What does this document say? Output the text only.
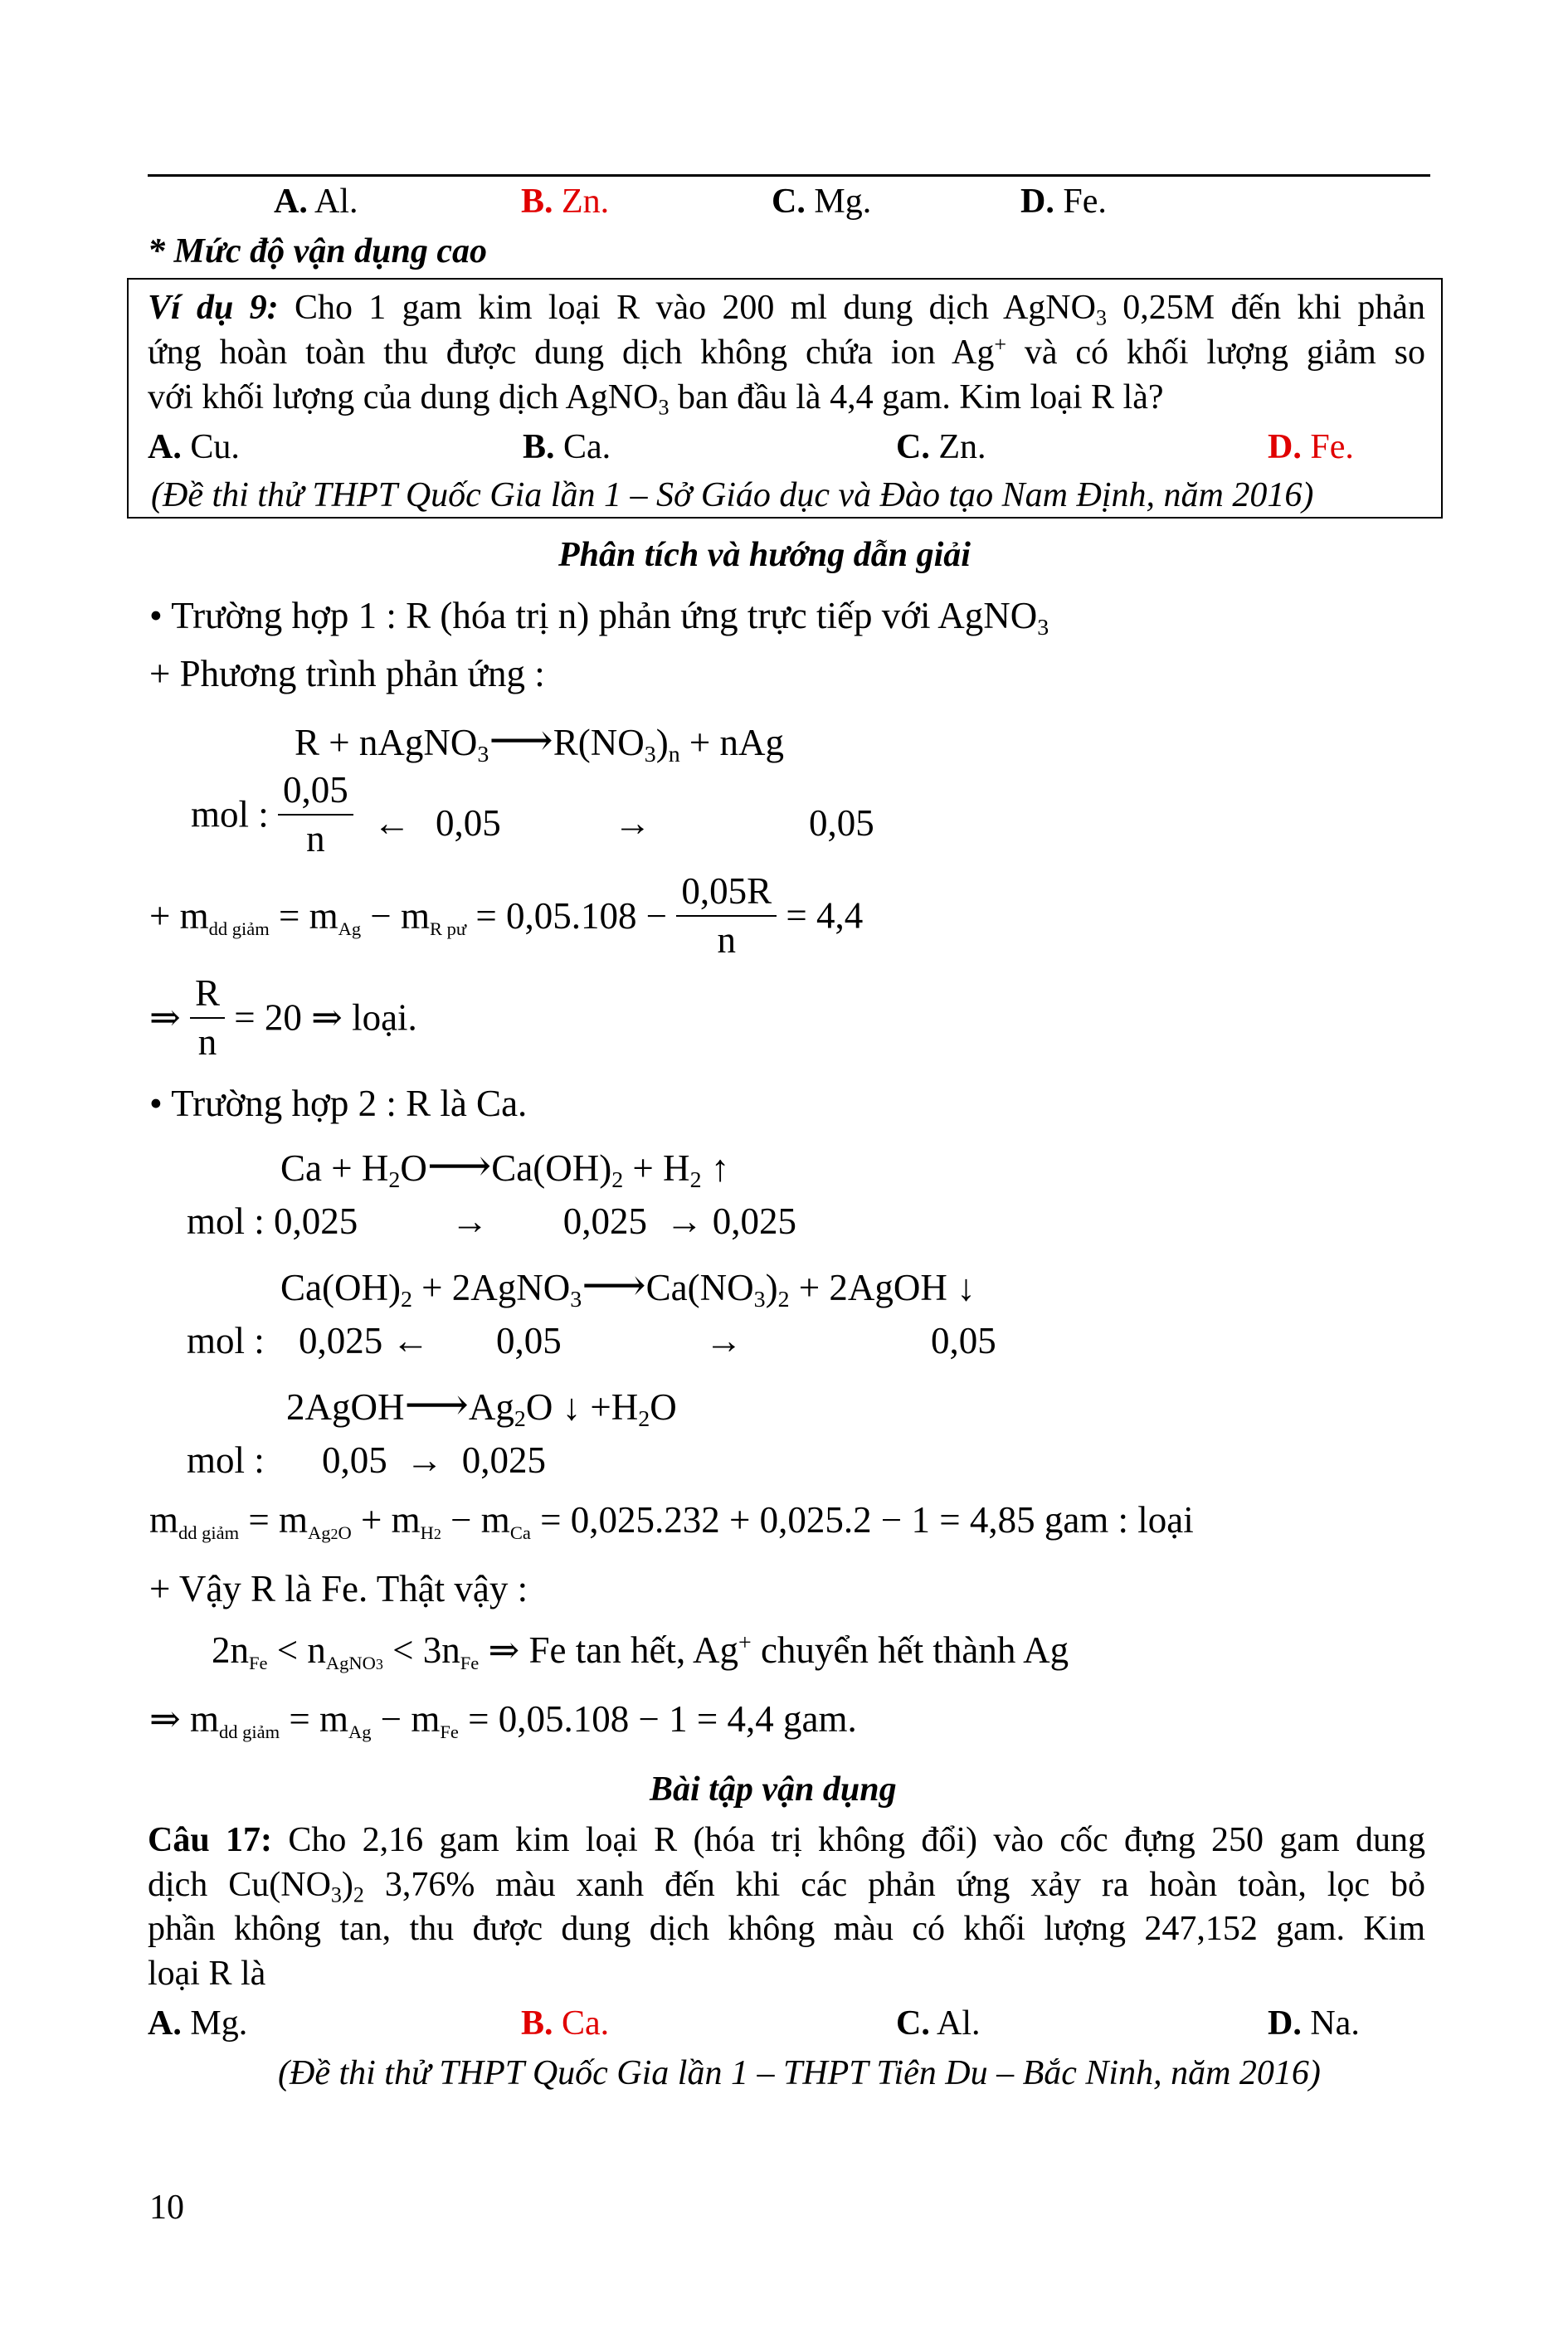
A. Al.	B. Zn.	C. Mg.	D. Fe.
* Mức độ vận dụng cao
Ví dụ 9: Cho 1 gam kim loại R vào 200 ml dung dịch AgNO$_3$ 0,25M đến khi phản
ứng hoàn toàn thu được dung dịch không chứa ion Ag+ và có khối lượng giảm so
với khối lượng của dung dịch AgNO$_3$ ban đầu là 4,4 gam. Kim loại R là?
A. Cu.	B. Ca.	C. Zn.	D. Fe.
(Đề thi thử THPT Quốc Gia lần 1 – Sở Giáo dục và Đào tạo Nam Định, năm 2016)
Phân tích và hướng dẫn giải
• Trường hợp 1 : R (hóa trị n) phản ứng trực tiếp với AgNO$_3$
+ Phương trình phản ứng :
$R + nAgNO_3⟶R(NO_3)_n$ + nAg
mol : $\frac{0,05}{n}$ ← 0,05	→	0,05
+ $m_{dd giảm} = m_{Ag} - m_{R pư} = 0,05.108 - \frac{0,05R}{n} = 4,4$
⇒ $\frac{R}{n} = 20$ ⇒ loại.
• Trường hợp 2 : R là Ca.
$Ca + H_2O⟶Ca(OH)_2 + H_2$ ↑
mol : 0,025          →        0,025  → 0,025
$Ca(OH)_2$ + $2AgNO_3⟶Ca(NO_3)_2$ + 2AgOH ↓
mol : 0,025 ← 0,05	→	0,05
$2AgOH⟶Ag_2O$ ↓ $+H_2O$
mol : 0,05  →  0,025
$m_{dd giảm} = m_{Ag2O} + m_{H2} - m_{Ca} = 0,025.232 + 0,025.2 - 1 = 4,85$ gam : loại
+ Vậy R là Fe. Thật vậy :
$2n_{Fe} < n_{AgNO3} < 3n_{Fe}$ ⇒ Fe tan hết, Ag+ chuyển hết thành Ag
⇒ $m_{dd giảm} = m_{Ag} - m_{Fe} = 0,05.108 - 1 = 4,4$ gam.
Bài tập vận dụng
Câu 17: Cho 2,16 gam kim loại R (hóa trị không đổi) vào cốc đựng 250 gam dung
dịch $Cu(NO_3)_2$ 3,76% màu xanh đến khi các phản ứng xảy ra hoàn toàn, lọc bỏ
phần không tan, thu được dung dịch không màu có khối lượng 247,152 gam. Kim
loại R là
A. Mg.	B. Ca.	C. Al.	D. Na.
(Đề thi thử THPT Quốc Gia lần 1 – THPT Tiên Du – Bắc Ninh, năm 2016)
10
